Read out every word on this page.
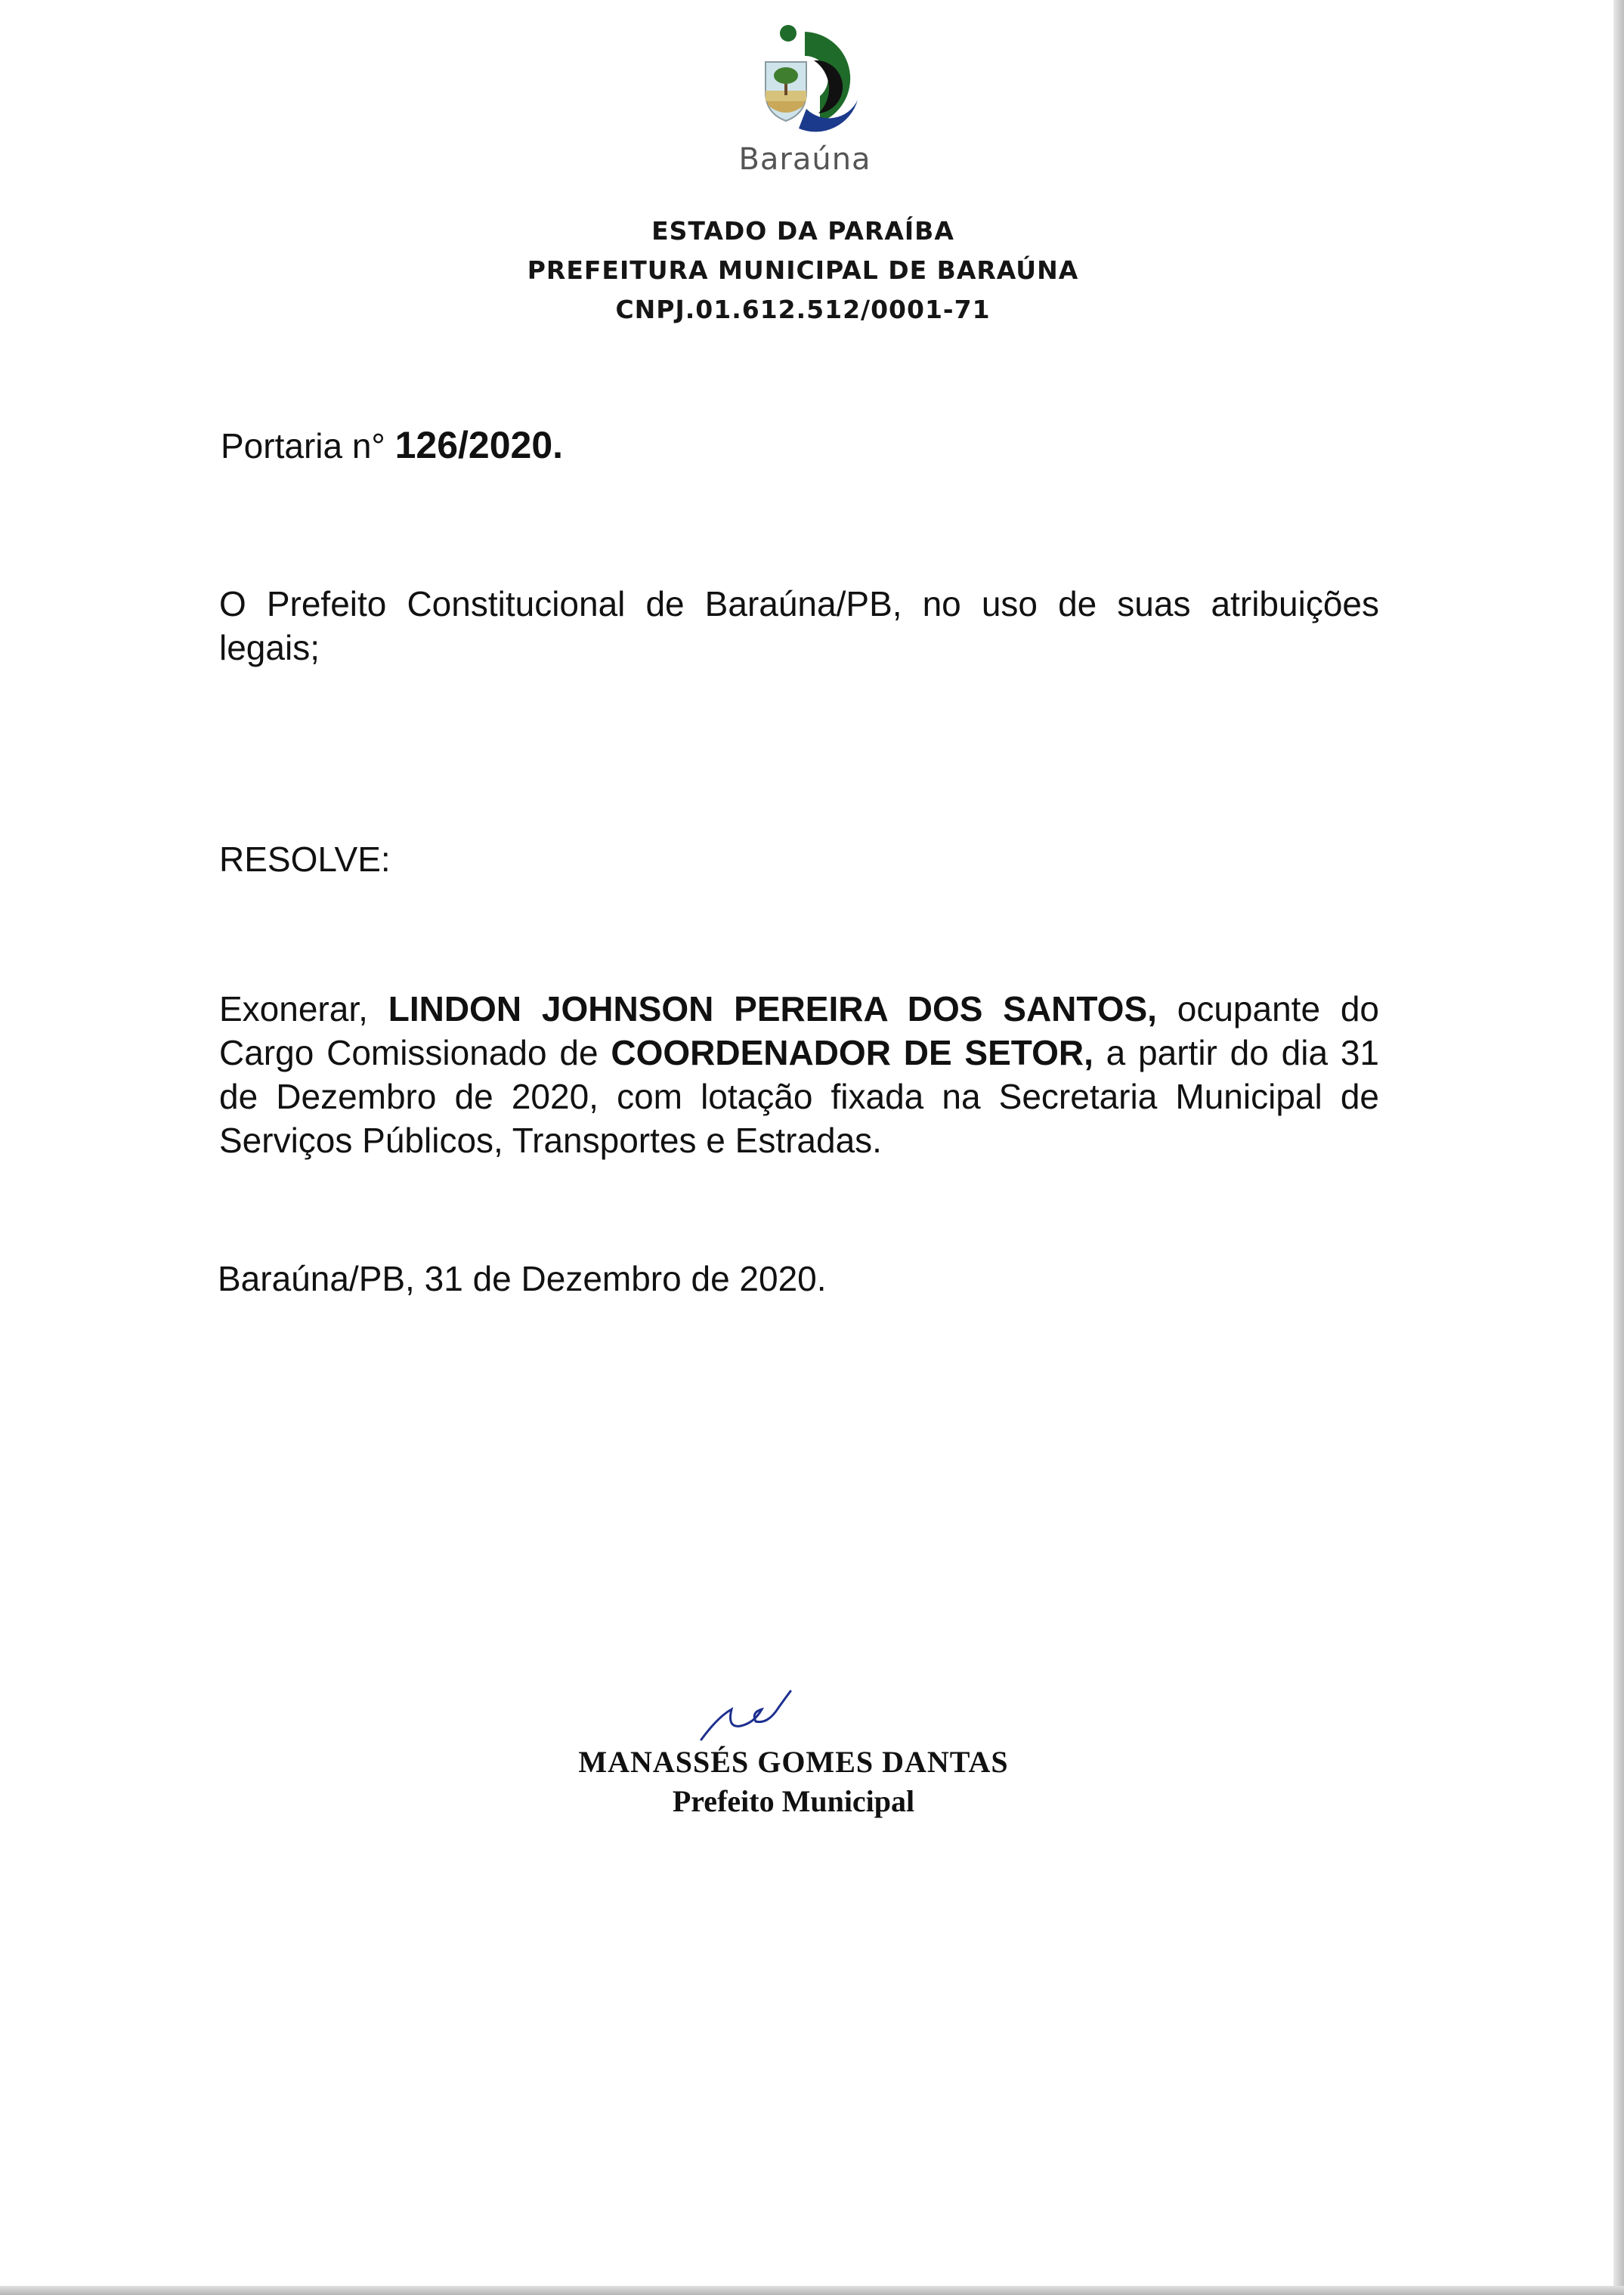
Baraúna
ESTADO DA PARAÍBA
PREFEITURA MUNICIPAL DE BARAÚNA
CNPJ.01.612.512/0001-71
Portaria n° 126/2020.
O Prefeito Constitucional de Baraúna/PB, no uso de suas atribuições legais;
RESOLVE:
Exonerar, LINDON JOHNSON PEREIRA DOS SANTOS, ocupante do Cargo Comissionado de COORDENADOR DE SETOR, a partir do dia 31 de Dezembro de 2020, com lotação fixada na Secretaria Municipal de Serviços Públicos, Transportes e Estradas.
Baraúna/PB, 31 de Dezembro de 2020.
MANASSÉS GOMES DANTAS
Prefeito Municipal
